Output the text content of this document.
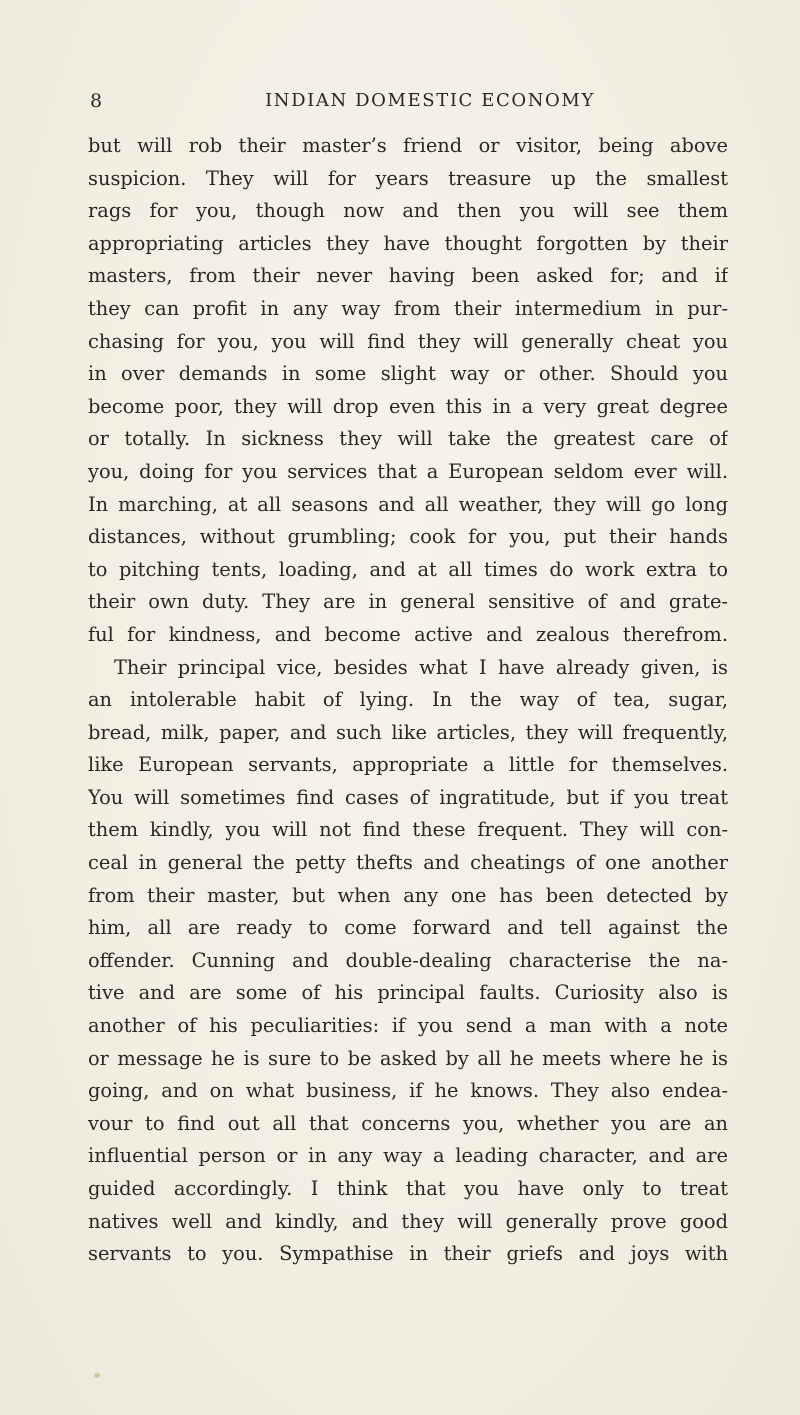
8	INDIAN DOMESTIC ECONOMY
but will rob their master’s friend or visitor, being above
suspicion. They will for years treasure up the smallest
rags for you, though now and then you will see them
appropriating articles they have thought forgotten by their
masters, from their never having been asked for; and if
they can profit in any way from their intermedium in pur-
chasing for you, you will find they will generally cheat you
in over demands in some slight way or other. Should you
become poor, they will drop even this in a very great degree
or totally. In sickness they will take the greatest care of
you, doing for you services that a European seldom ever will.
In marching, at all seasons and all weather, they will go long
distances, without grumbling; cook for you, put their hands
to pitching tents, loading, and at all times do work extra to
their own duty. They are in general sensitive of and grate-
ful for kindness, and become active and zealous therefrom.
Their principal vice, besides what I have already given, is
an intolerable habit of lying. In the way of tea, sugar,
bread, milk, paper, and such like articles, they will frequently,
like European servants, appropriate a little for themselves.
You will sometimes find cases of ingratitude, but if you treat
them kindly, you will not find these frequent. They will con-
ceal in general the petty thefts and cheatings of one another
from their master, but when any one has been detected by
him, all are ready to come forward and tell against the
offender. Cunning and double-dealing characterise the na-
tive and are some of his principal faults. Curiosity also is
another of his peculiarities: if you send a man with a note
or message he is sure to be asked by all he meets where he is
going, and on what business, if he knows. They also endea-
vour to find out all that concerns you, whether you are an
influential person or in any way a leading character, and are
guided accordingly. I think that you have only to treat
natives well and kindly, and they will generally prove good
servants to you. Sympathise in their griefs and joys with
